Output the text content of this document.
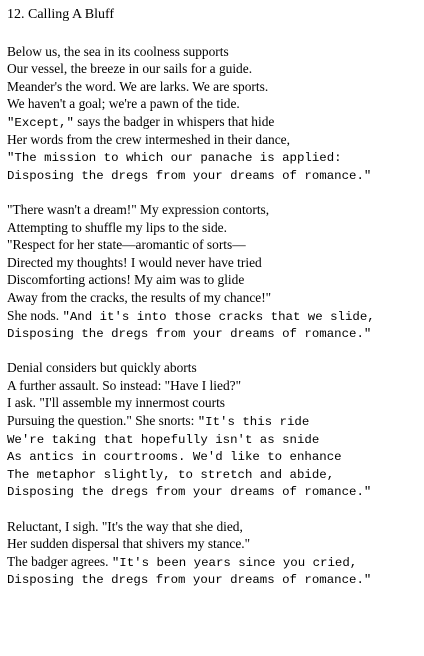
12. Calling A Bluff
Below us, the sea in its coolness supports
Our vessel, the breeze in our sails for a guide.
Meander's the word. We are larks. We are sports.
We haven't a goal; we're a pawn of the tide.
"Except," says the badger in whispers that hide
Her words from the crew intermeshed in their dance,
"The mission to which our panache is applied:
Disposing the dregs from your dreams of romance."
"There wasn't a dream!" My expression contorts,
Attempting to shuffle my lips to the side.
"Respect for her state—aromantic of sorts—
Directed my thoughts! I would never have tried
Discomforting actions! My aim was to glide
Away from the cracks, the results of my chance!"
She nods. "And it's into those cracks that we slide,
Disposing the dregs from your dreams of romance."
Denial considers but quickly aborts
A further assault. So instead: "Have I lied?"
I ask. "I'll assemble my innermost courts
Pursuing the question." She snorts: "It's this ride
We're taking that hopefully isn't as snide
As antics in courtrooms. We'd like to enhance
The metaphor slightly, to stretch and abide,
Disposing the dregs from your dreams of romance."
Reluctant, I sigh. "It's the way that she died,
Her sudden dispersal that shivers my stance."
The badger agrees. "It's been years since you cried,
Disposing the dregs from your dreams of romance."
